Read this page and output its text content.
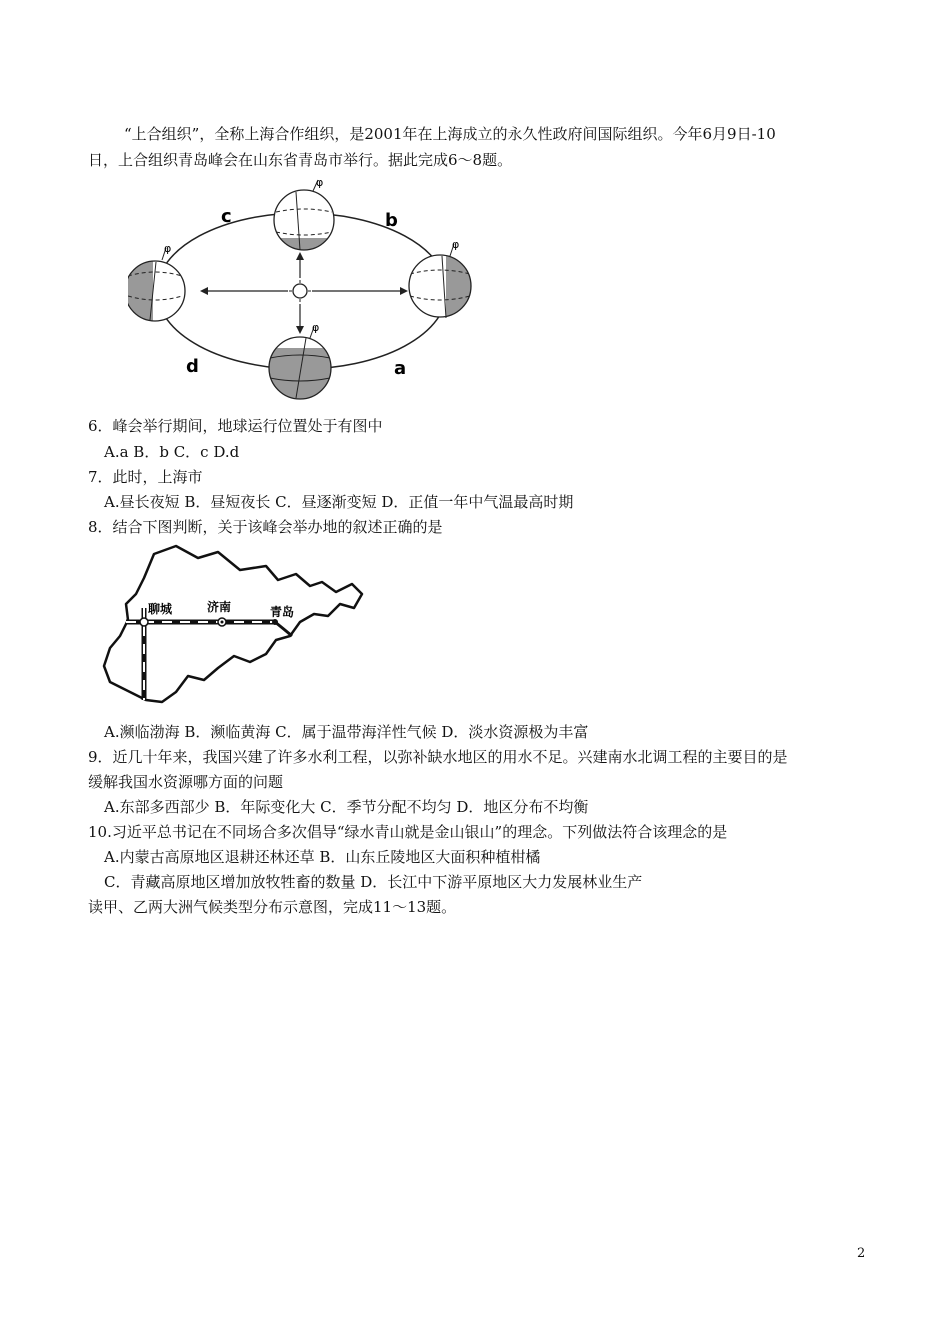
“上合组织”，全称上海合作组织，是2001年在上海成立的永久性政府间国际组织。今年6月9日-10
日，上合组织青岛峰会在山东省青岛市举行。据此完成6～8题。
φ
φ
φ
φ
c	b
d	a
6．峰会举行期间，地球运行位置处于有图中
A.a B．b C．c D.d
7．此时，上海市
A.昼长夜短 B．昼短夜长 C．昼逐渐变短 D．正值一年中气温最高时期
8．结合下图判断，关于该峰会举办地的叙述正确的是
聊城	济南	青岛
A.濒临渤海 B．濒临黄海 C．属于温带海洋性气候 D．淡水资源极为丰富
9．近几十年来，我国兴建了许多水利工程，以弥补缺水地区的用水不足。兴建南水北调工程的主要目的是
缓解我国水资源哪方面的问题
A.东部多西部少 B．年际变化大 C．季节分配不均匀 D．地区分布不均衡
10.习近平总书记在不同场合多次倡导“绿水青山就是金山银山”的理念。下列做法符合该理念的是
A.内蒙古高原地区退耕还林还草 B．山东丘陵地区大面积种植柑橘
C．青藏高原地区增加放牧牲畜的数量 D．长江中下游平原地区大力发展林业生产
读甲、乙两大洲气候类型分布示意图，完成11～13题。
2
